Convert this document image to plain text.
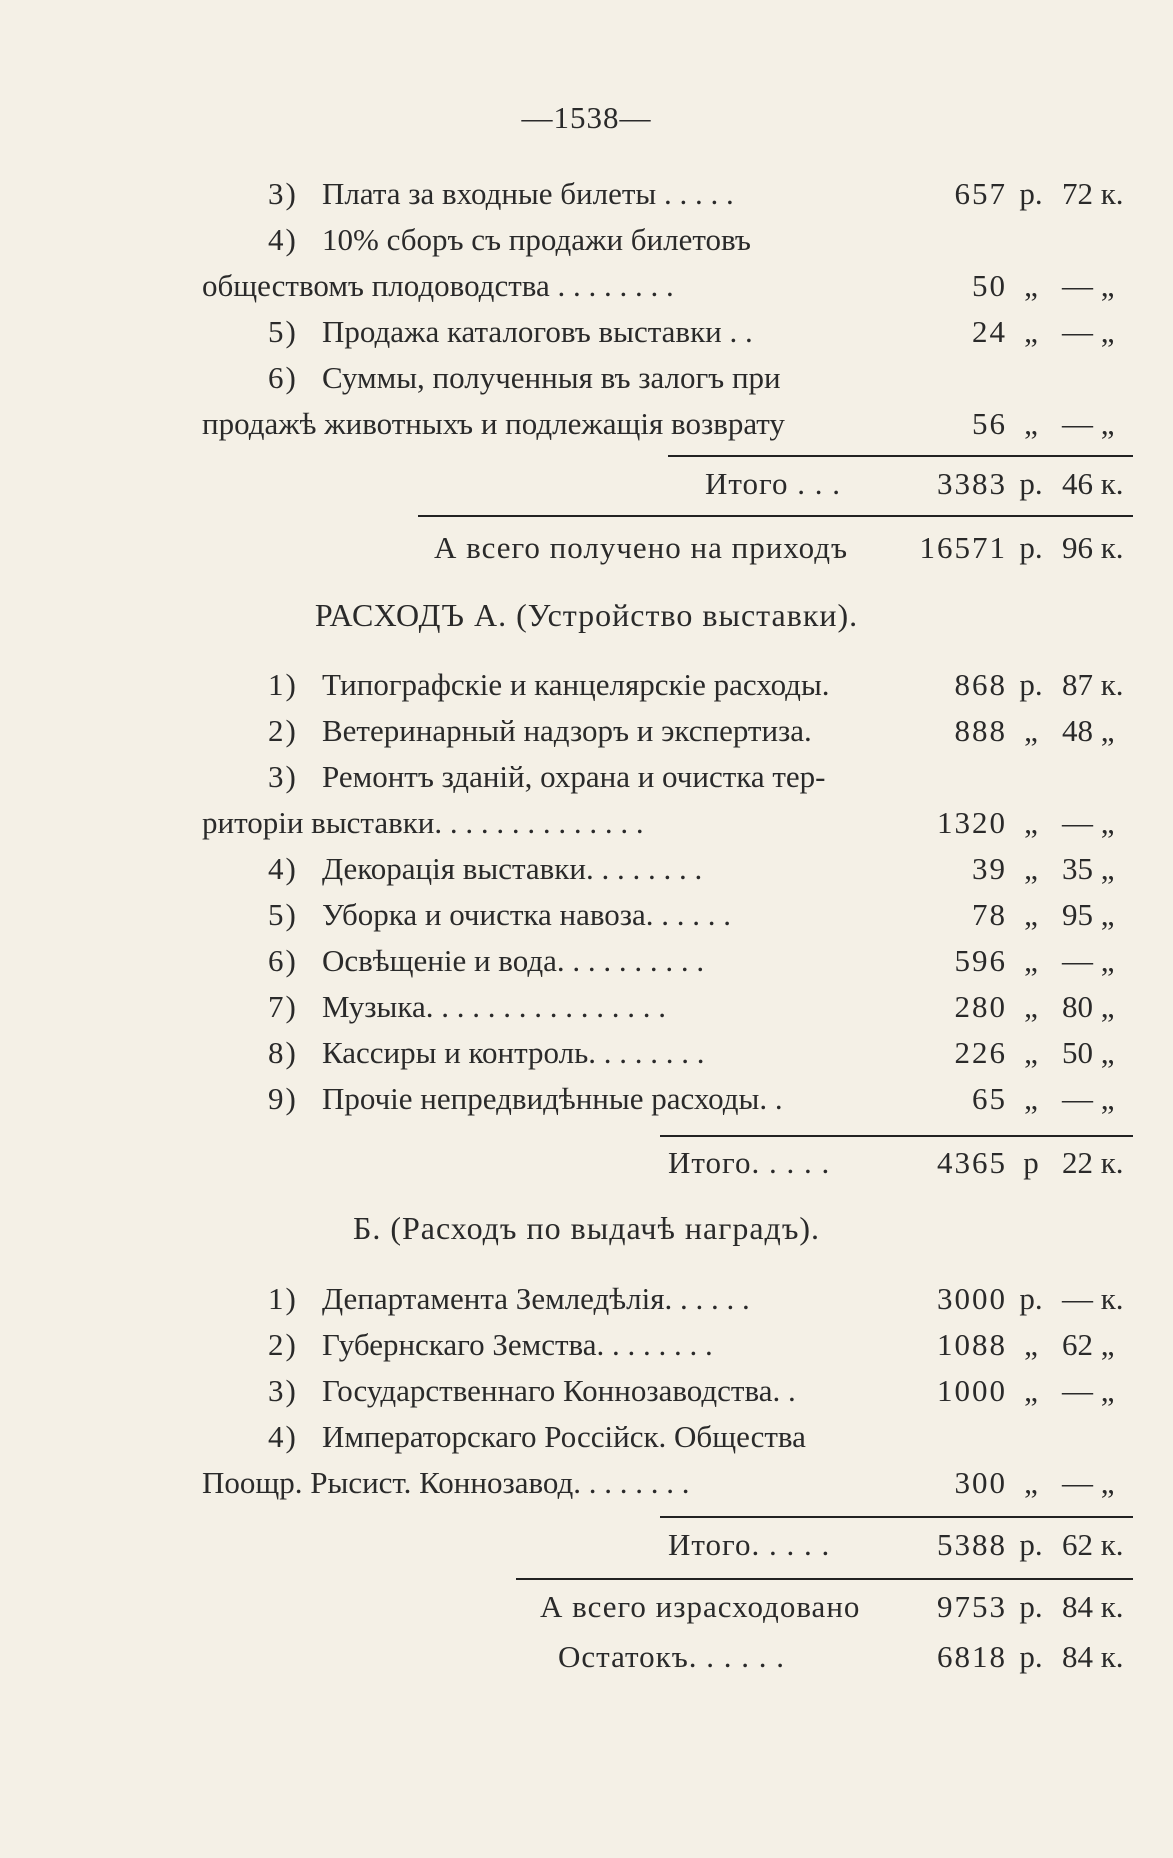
—1538—
3) Плата за входные билеты . . . . .	657 р. 72 к.
4) 10% сборъ съ продажи билетовъ
обществомъ плодоводства . . . . . . . .	50 „ — „
5) Продажа каталоговъ выставки . .	24 „ — „
6) Суммы, полученныя въ залогъ при
продажѣ животныхъ и подлежащія возврату	56 „ — „
Итого . . .	3383 р. 46 к.
А всего получено на приходъ	16571 р. 96 к.
РАСХОДЪ А. (Устройство выставки).
1) Типографскіе и канцелярскіе расходы.	868 р. 87 к.
2) Ветеринарный надзоръ и экспертиза.	888 „ 48 „
3) Ремонтъ зданій, охрана и очистка тер-
риторіи выставки. . . . . . . . . . . . . .	1320 „ — „
4) Декорація выставки. . . . . . . .	39 „ 35 „
5) Уборка и очистка навоза. . . . . .	78 „ 95 „
6) Освѣщеніе и вода. . . . . . . . . .	596 „ — „
7) Музыка. . . . . . . . . . . . . . . .	280 „ 80 „
8) Кассиры и контроль. . . . . . . .	226 „ 50 „
9) Прочіе непредвидѣнные расходы. .	65 „ — „
Итого. . . . .	4365 р 22 к.
Б. (Расходъ по выдачѣ наградъ).
1) Департамента Земледѣлія. . . . . .	3000 р. — к.
2) Губернскаго Земства. . . . . . . .	1088 „ 62 „
3) Государственнаго Коннозаводства. .	1000 „ — „
4) Императорскаго Россійск. Общества
Поощр. Рысист. Коннозавод. . . . . . . .	300 „ — „
Итого. . . . .	5388 р. 62 к.
А всего израсходовано	9753 р. 84 к.
Остатокъ. . . . . .	6818 р. 84 к.
